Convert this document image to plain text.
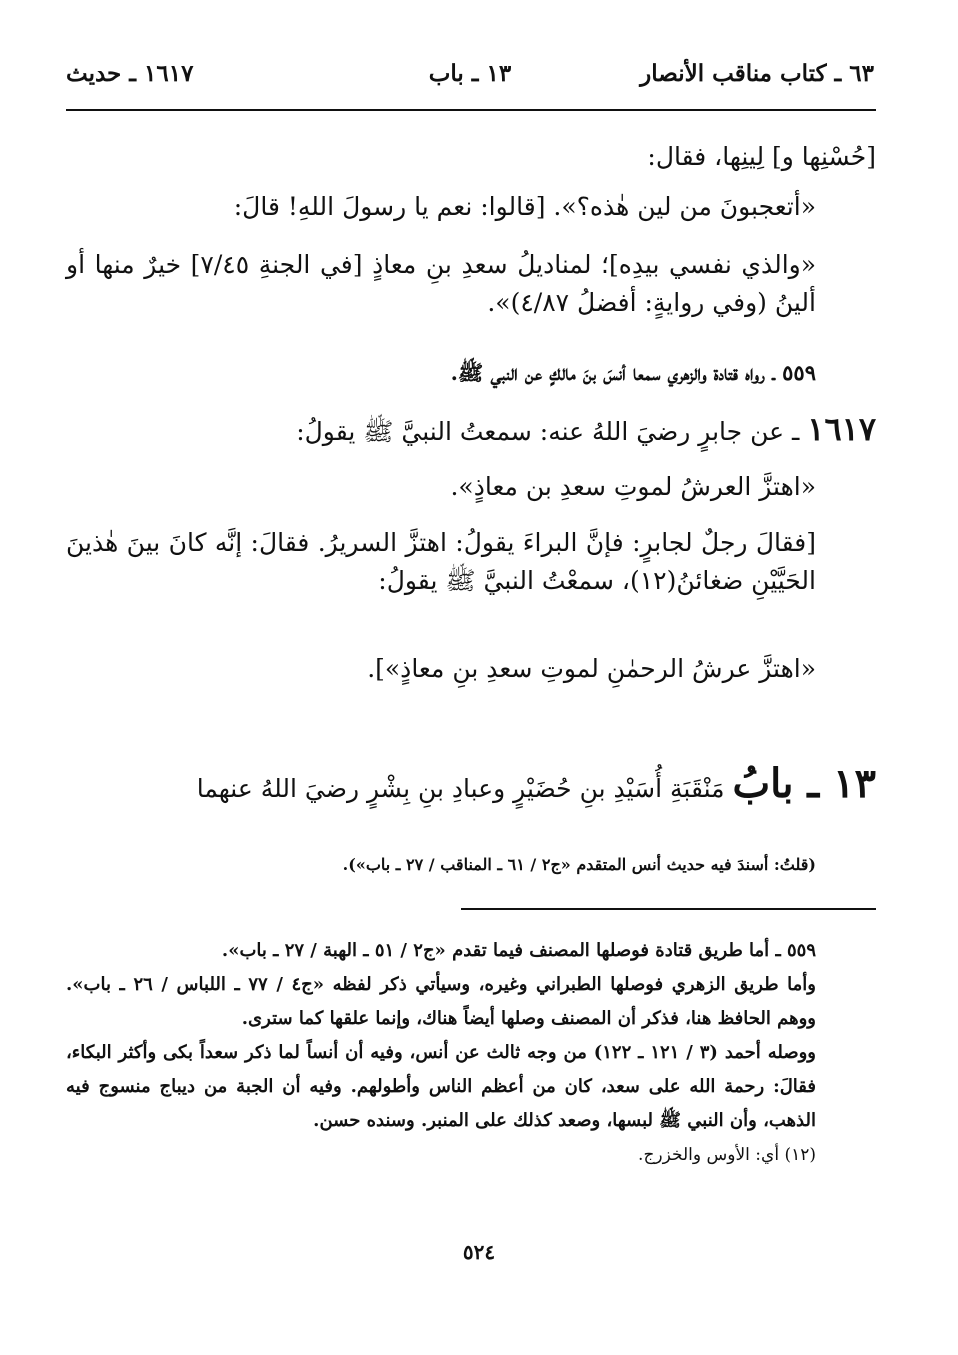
٦٣ ـ كتاب مناقب الأنصار
١٣ ـ باب
١٦١٧ ـ حديث

[حُسْنِها و] لِينِها، فقال:

«أتعجبونَ من لين هٰذه؟». [قالوا: نعم يا رسولَ اللهِ! قالَ:

«والذي نفسي بيدِه]؛ لمناديلُ سعدِ بنِ معاذٍ [في الجنةِ ٧/٤٥] خيرٌ منها أو ألينُ (وفي روايةٍ: أفضلُ ٤/٨٧)».

٥٥٩ ـ رواه قتادة والزهري سمعا أنسَ بنَ مالكٍ عن النبي ﷺ.

١٦١٧ ـ عن جابرٍ رضيَ اللهُ عنه: سمعتُ النبيَّ ﷺ يقولُ:

«اهتزَّ العرشُ لموتِ سعدِ بن معاذٍ».

[فقالَ رجلٌ لجابرٍ: فإنَّ البراءَ يقولُ: اهتزَّ السريرُ. فقالَ: إنَّه كانَ بينَ هٰذينَ الحَيَّيْنِ ضغائنُ(١٢)، سمعْتُ النبيَّ ﷺ يقولُ:

«اهتزَّ عرشُ الرحمٰنِ لموتِ سعدِ بنِ معاذٍ»].

١٣ ـ بابُ مَنْقَبَةِ أُسَيْدِ بنِ حُضَيْرٍ وعبادِ بنِ بِشْرٍ رضيَ اللهُ عنهما
(قلتُ: أسندَ فيه حديث أنس المتقدم «ج٢ / ٦١ ـ المناقب / ٢٧ ـ باب»).

٥٥٩ ـ أما طريق قتادة فوصلها المصنف فيما تقدم «ج٢ / ٥١ ـ الهبة / ٢٧ ـ باب».

وأما طريق الزهري فوصلها الطبراني وغيره، وسيأتي ذكر لفظه «ج٤ / ٧٧ ـ اللباس / ٢٦ ـ باب». ووهم الحافظ هنا، فذكر أن المصنف وصلها أيضاً هناك، وإنما علقها كما سترى.

ووصله أحمد (٣ / ١٢١ ـ ١٢٢) من وجه ثالث عن أنس، وفيه أن أنساً لما ذكر سعداً بكى وأكثر البكاء، فقالَ: رحمة الله على سعد، كان من أعظم الناس وأطولهم. وفيه أن الجبة من ديباج منسوج فيه الذهب، وأن النبي ﷺ لبسها، وصعد كذلك على المنبر. وسنده حسن.

(١٢) أي: الأوس والخزرج.

٥٢٤
